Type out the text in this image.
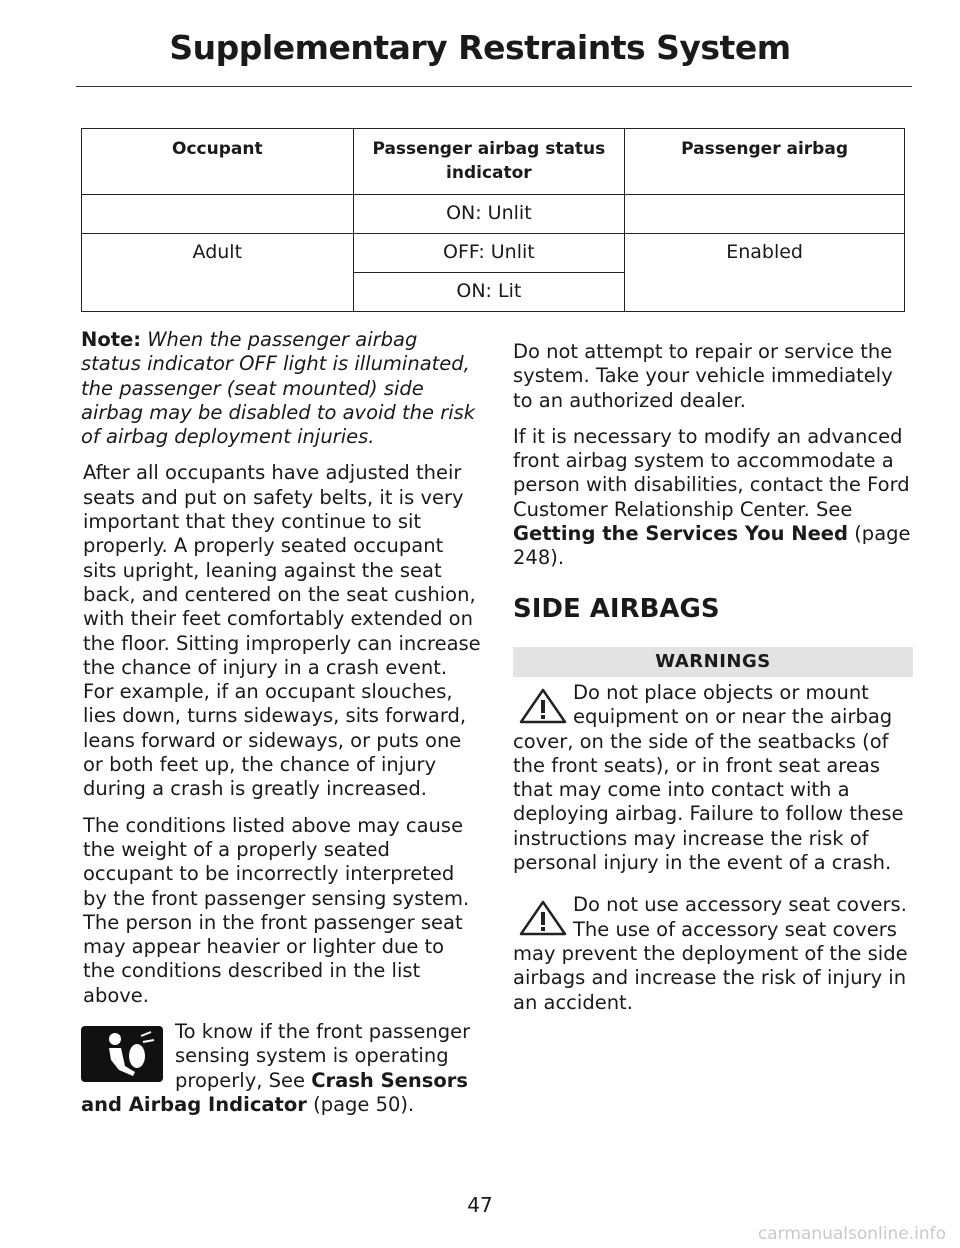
Supplementary Restraints System
Occupant	Passenger airbag status indicator	Passenger airbag
	ON: Unlit	
Adult	OFF: Unlit	Enabled
	ON: Lit	

Note: When the passenger airbag status indicator OFF light is illuminated, the passenger (seat mounted) side airbag may be disabled to avoid the risk of airbag deployment injuries.

After all occupants have adjusted their seats and put on safety belts, it is very important that they continue to sit properly. A properly seated occupant sits upright, leaning against the seat back, and centered on the seat cushion, with their feet comfortably extended on the floor. Sitting improperly can increase the chance of injury in a crash event. For example, if an occupant slouches, lies down, turns sideways, sits forward, leans forward or sideways, or puts one or both feet up, the chance of injury during a crash is greatly increased.

The conditions listed above may cause the weight of a properly seated occupant to be incorrectly interpreted by the front passenger sensing system. The person in the front passenger seat may appear heavier or lighter due to the conditions described in the list above.

To know if the front passenger sensing system is operating properly, See Crash Sensors and Airbag Indicator (page 50).

Do not attempt to repair or service the system. Take your vehicle immediately to an authorized dealer.

If it is necessary to modify an advanced front airbag system to accommodate a person with disabilities, contact the Ford Customer Relationship Center. See Getting the Services You Need (page 248).

SIDE AIRBAGS
WARNINGS
Do not place objects or mount equipment on or near the airbag cover, on the side of the seatbacks (of the front seats), or in front seat areas that may come into contact with a deploying airbag. Failure to follow these instructions may increase the risk of personal injury in the event of a crash.
Do not use accessory seat covers. The use of accessory seat covers may prevent the deployment of the side airbags and increase the risk of injury in an accident.
47
carmanualsonline.info
